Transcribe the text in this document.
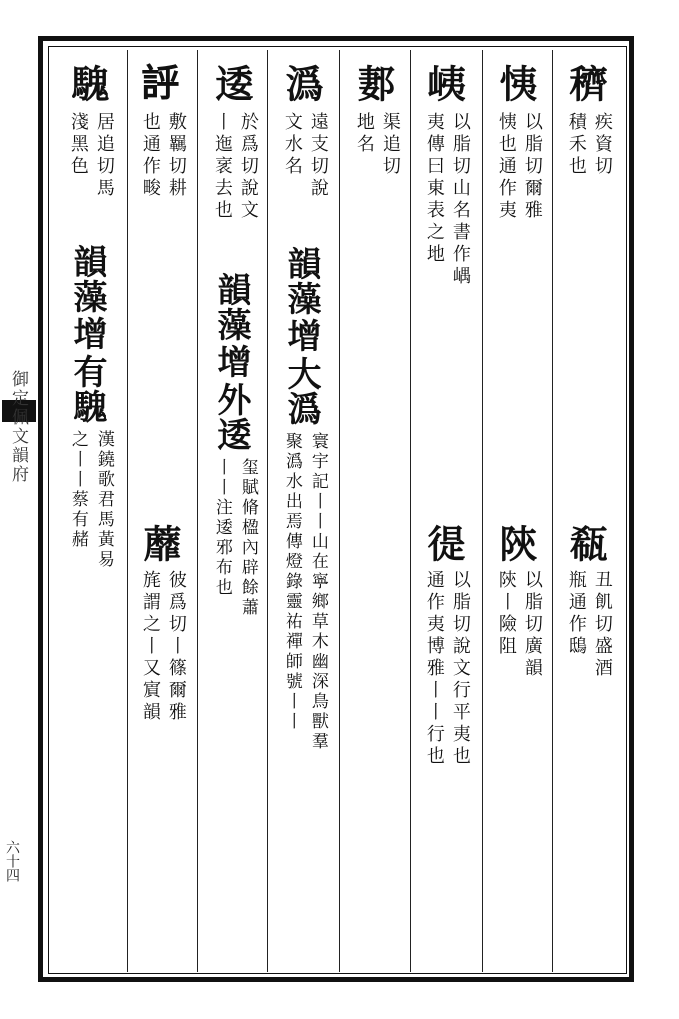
御定佩文韻府
六十四
穧
疾資切
積禾也
瓻
丑飢切盛酒
瓶通作鴟
恞
以脂切爾雅
恞也通作夷
陝
以脂切廣韻
陝丨險阻
峓
以脂切山名書作嵎
夷傳曰東表之地
徥
以脂切說文行平夷也
通作夷博雅丨丨行也
郪
渠追切
地名
潙
遠支切說
文水名
韻藻
增
大潙
寰宇記丨丨山在寧鄉草木幽深鳥獸羣
聚潙水出焉傳燈錄靈祐禪師號丨丨
逶
於爲切說文
丨迤衺去也
韻藻
增
外逶
玺賦脩楹內辟餘蕭
丨丨注逶邪布也
𧦝
敷羈切耕
也通作畯
蘼
彼爲切丨篠爾雅
旄謂之丨又賔韻
騩
居追切馬
淺黑色
韻藻
增
有騩
漢鐃歌君馬黃易
之丨丨蔡有赭
